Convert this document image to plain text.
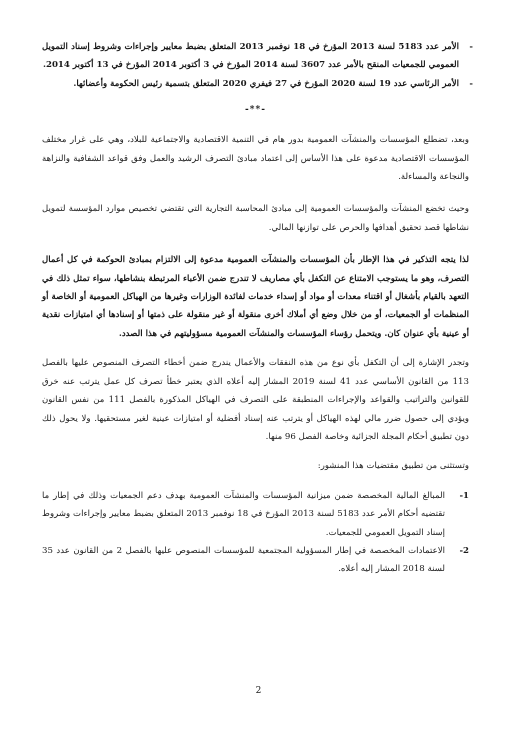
-
الأمر عدد 5183 لسنة 2013 المؤرخ في 18 نوفمبر 2013 المتعلق بضبط معايير وإجراءات وشروط إسناد التمويل العمومي للجمعيات المنقح بالأمر عدد 3607 لسنة 2014 المؤرخ في 3 أكتوبر 2014 المؤرخ في 13 أكتوبر 2014.

-
الأمر الرئاسي عدد 19 لسنة 2020 المؤرخ في 27 فيفري 2020 المتعلق بتسمية رئيس الحكومة وأعضائها.

-**-

وبعد، تضطلع المؤسسات والمنشآت العمومية بدور هام في التنمية الاقتصادية والاجتماعية للبلاد، وهي على غرار مختلف المؤسسات الاقتصادية مدعوة على هذا الأساس إلى اعتماد مبادئ التصرف الرشيد والعمل وفق قواعد الشفافية والنزاهة والنجاعة والمساءلة.

وحيث تخضع المنشآت والمؤسسات العمومية إلى مبادئ المحاسبة التجارية التي تقتضي تخصيص موارد المؤسسة لتمويل نشاطها قصد تحقيق أهدافها والحرص على توازنها المالي.

لذا يتجه التذكير في هذا الإطار بأن المؤسسات والمنشآت العمومية مدعوة إلى الالتزام بمبادئ الحوكمة في كل أعمال التصرف، وهو ما يستوجب الامتناع عن التكفل بأي مصاريف لا تندرج ضمن الأعباء المرتبطة بنشاطها، سواء تمثل ذلك في التعهد بالقيام بأشغال أو اقتناء معدات أو مواد أو إسداء خدمات لفائدة الوزارات وغيرها من الهياكل العمومية أو الخاصة أو المنظمات أو الجمعيات، أو من خلال وضع أي أملاك أخرى منقولة أو غير منقولة على ذمتها أو إسنادها أي امتيازات نقدية أو عينية بأي عنوان كان. ويتحمل رؤساء المؤسسات والمنشآت العمومية مسؤوليتهم في هذا الصدد.

وتجدر الإشارة إلى أن التكفل بأي نوع من هذه النفقات والأعمال يندرج ضمن أخطاء التصرف المنصوص عليها بالفصل 113 من القانون الأساسي عدد 41 لسنة 2019 المشار إليه أعلاه الذي يعتبر خطأ تصرف كل عمل يترتب عنه خرق للقوانين والتراتيب والقواعد والإجراءات المنطبقة على التصرف في الهياكل المذكورة بالفصل 111 من نفس القانون ويؤدي إلى حصول ضرر مالي لهذه الهياكل أو يترتب عنه إسناد أفضلية أو امتيازات عينية لغير مستحقيها. ولا يحول ذلك دون تطبيق أحكام المجلة الجزائية وخاصة الفصل 96 منها.

وتستثنى من تطبيق مقتضيات هذا المنشور:

-1
المبالغ المالية المخصصة ضمن ميزانية المؤسسات والمنشآت العمومية بهدف دعم الجمعيات وذلك في إطار ما تقتضيه أحكام الأمر عدد 5183 لسنة 2013 المؤرخ في 18 نوفمبر 2013 المتعلق بضبط معايير وإجراءات وشروط إسناد التمويل العمومي للجمعيات.

-2
الاعتمادات المخصصة في إطار المسؤولية المجتمعية للمؤسسات المنصوص عليها بالفصل 2 من القانون عدد 35 لسنة 2018 المشار إليه أعلاه.

2
